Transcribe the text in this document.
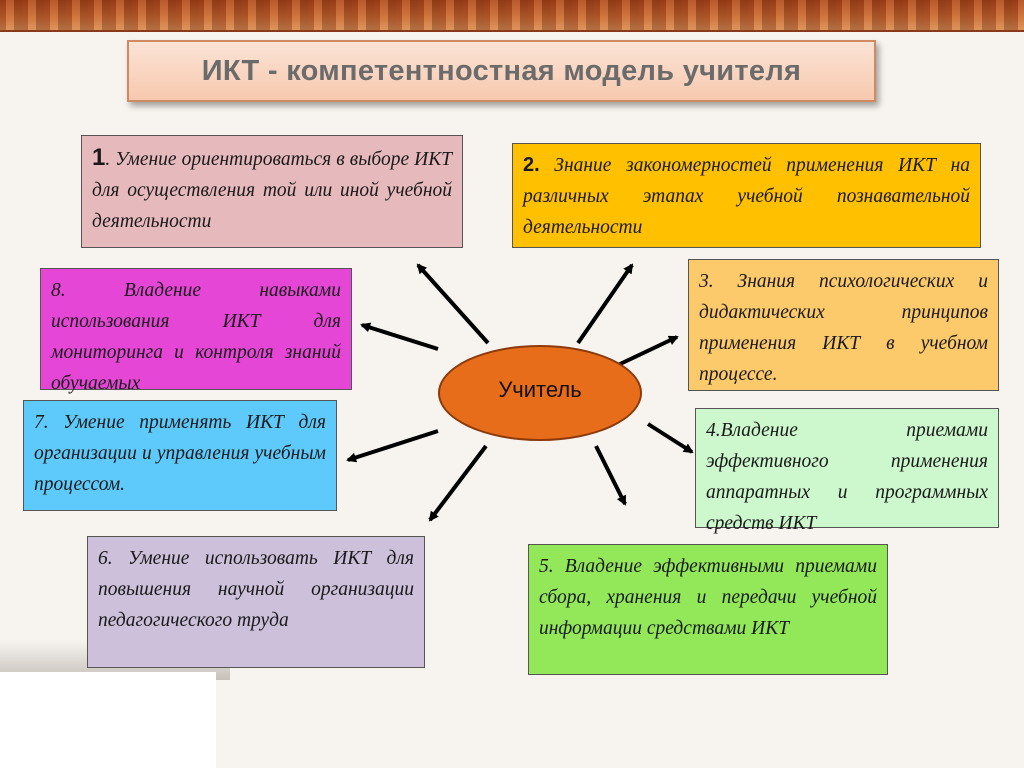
ИКТ - компетентностная модель учителя
1. Умение ориентироваться в выборе ИКТ для осуществления той или иной учебной деятельности
2. Знание закономерностей применения ИКТ на различных этапах учебной познавательной деятельности
3. Знания психологических и дидактических принципов применения ИКТ в учебном процессе.
4.Владение приемами эффективного применения аппаратных и программных средств ИКТ
5. Владение эффективными приемами сбора, хранения и передачи учебной информации средствами ИКТ
6. Умение использовать ИКТ для повышения научной организации педагогического труда
7. Умение применять ИКТ для организации и управления учебным процессом.
8. Владение навыками использования ИКТ для мониторинга и контроля знаний обучаемых	Учитель
